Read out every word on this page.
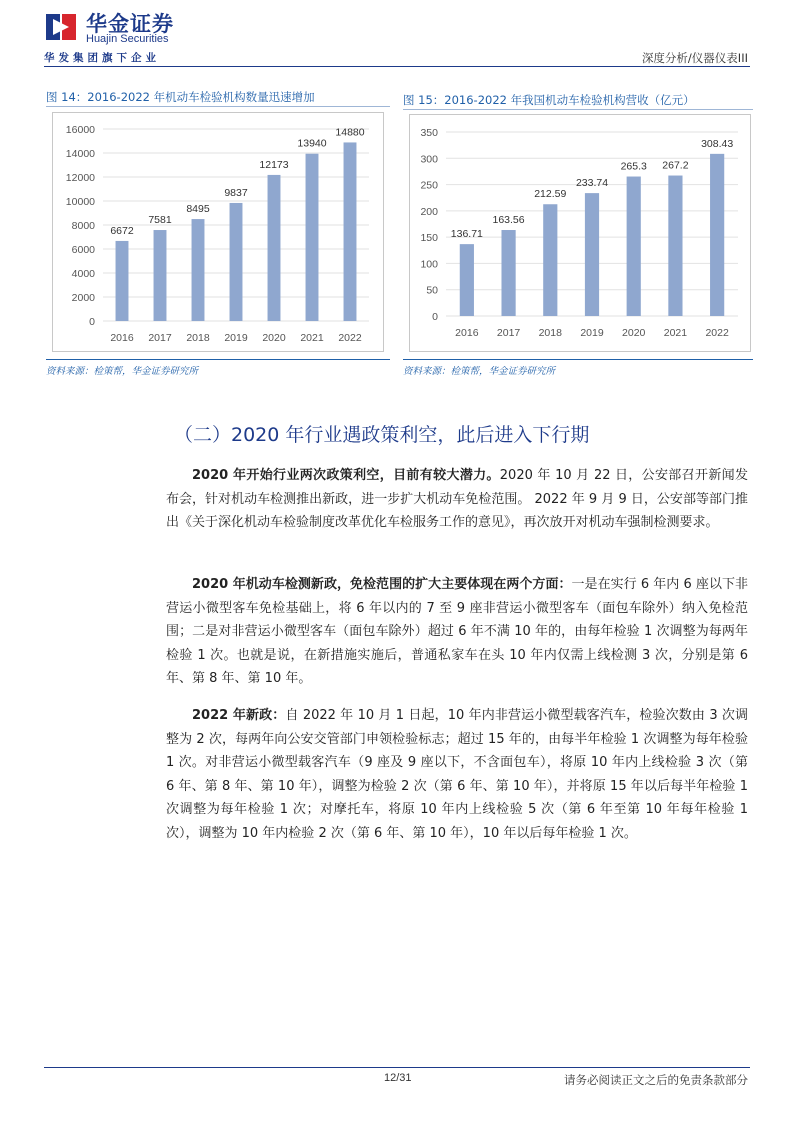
华金证券
Huajin Securities
华发集团旗下企业	深度分析/仪器仪表III
图 14：2016-2022 年机动车检验机构数量迅速增加
0
2000
4000
6000
8000
10000
12000
14000
16000
6672
2016
7581
2017
8495
2018
9837
2019
12173
2020
13940
2021
14880
2022
资料来源：检策帮，华金证券研究所
图 15：2016-2022 年我国机动车检验机构营收（亿元）
0
50
100
150
200
250
300
350
136.71
2016
163.56
2017
212.59
2018
233.74
2019
265.3
2020
267.2
2021
308.43
2022
资料来源：检策帮，华金证券研究所
（二）2020 年行业遇政策利空，此后进入下行期

2020 年开始行业两次政策利空，目前有较大潜力。2020 年 10 月 22 日，公安部召开新闻发布会，针对机动车检测推出新政，进一步扩大机动车免检范围。 2022 年 9 月 9 日，公安部等部门推出《关于深化机动车检验制度改革优化车检服务工作的意见》，再次放开对机动车强制检测要求。

2020 年机动车检测新政，免检范围的扩大主要体现在两个方面：一是在实行 6 年内 6 座以下非营运小微型客车免检基础上，将 6 年以内的 7 至 9 座非营运小微型客车（面包车除外）纳入免检范围；二是对非营运小微型客车（面包车除外）超过 6 年不满 10 年的，由每年检验 1 次调整为每两年检验 1 次。也就是说，在新措施实施后，普通私家车在头 10 年内仅需上线检测 3 次，分别是第 6 年、第 8 年、第 10 年。

2022 年新政：自 2022 年 10 月 1 日起，10 年内非营运小微型载客汽车，检验次数由 3 次调整为 2 次，每两年向公安交管部门申领检验标志；超过 15 年的，由每半年检验 1 次调整为每年检验 1 次。对非营运小微型载客汽车（9 座及 9 座以下，不含面包车），将原 10 年内上线检验 3 次（第 6 年、第 8 年、第 10 年），调整为检验 2 次（第 6 年、第 10 年），并将原 15 年以后每半年检验 1 次调整为每年检验 1 次；对摩托车，将原 10 年内上线检验 5 次（第 6 年至第 10 年每年检验 1 次），调整为 10 年内检验 2 次（第 6 年、第 10 年），10 年以后每年检验 1 次。

12/31	请务必阅读正文之后的免责条款部分
